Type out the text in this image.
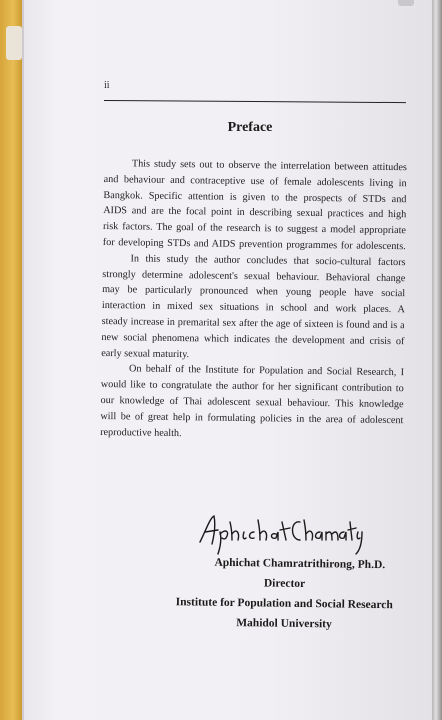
ii
Preface
This study sets out to observe the interrelation between attitudes
and behaviour and contraceptive use of female adolescents living in
Bangkok. Specific attention is given to the prospects of STDs and
AIDS and are the focal point in describing sexual practices and high
risk factors. The goal of the research is to suggest a model appropriate
for developing STDs and AIDS prevention programmes for adolescents.
In this study the author concludes that socio-cultural factors
strongly determine adolescent's sexual behaviour. Behavioral change
may be particularly pronounced when young people have social
interaction in mixed sex situations in school and work places. A
steady increase in premarital sex after the age of sixteen is found and is a
new social phenomena which indicates the development and crisis of
early sexual maturity.
On behalf of the Institute for Population and Social Research, I
would like to congratulate the author for her significant contribution to
our knowledge of Thai adolescent sexual behaviour. This knowledge
will be of great help in formulating policies in the area of adolescent
reproductive health.
Aphichat Chamratrithirong, Ph.D.
Director
Institute for Population and Social Research
Mahidol University
